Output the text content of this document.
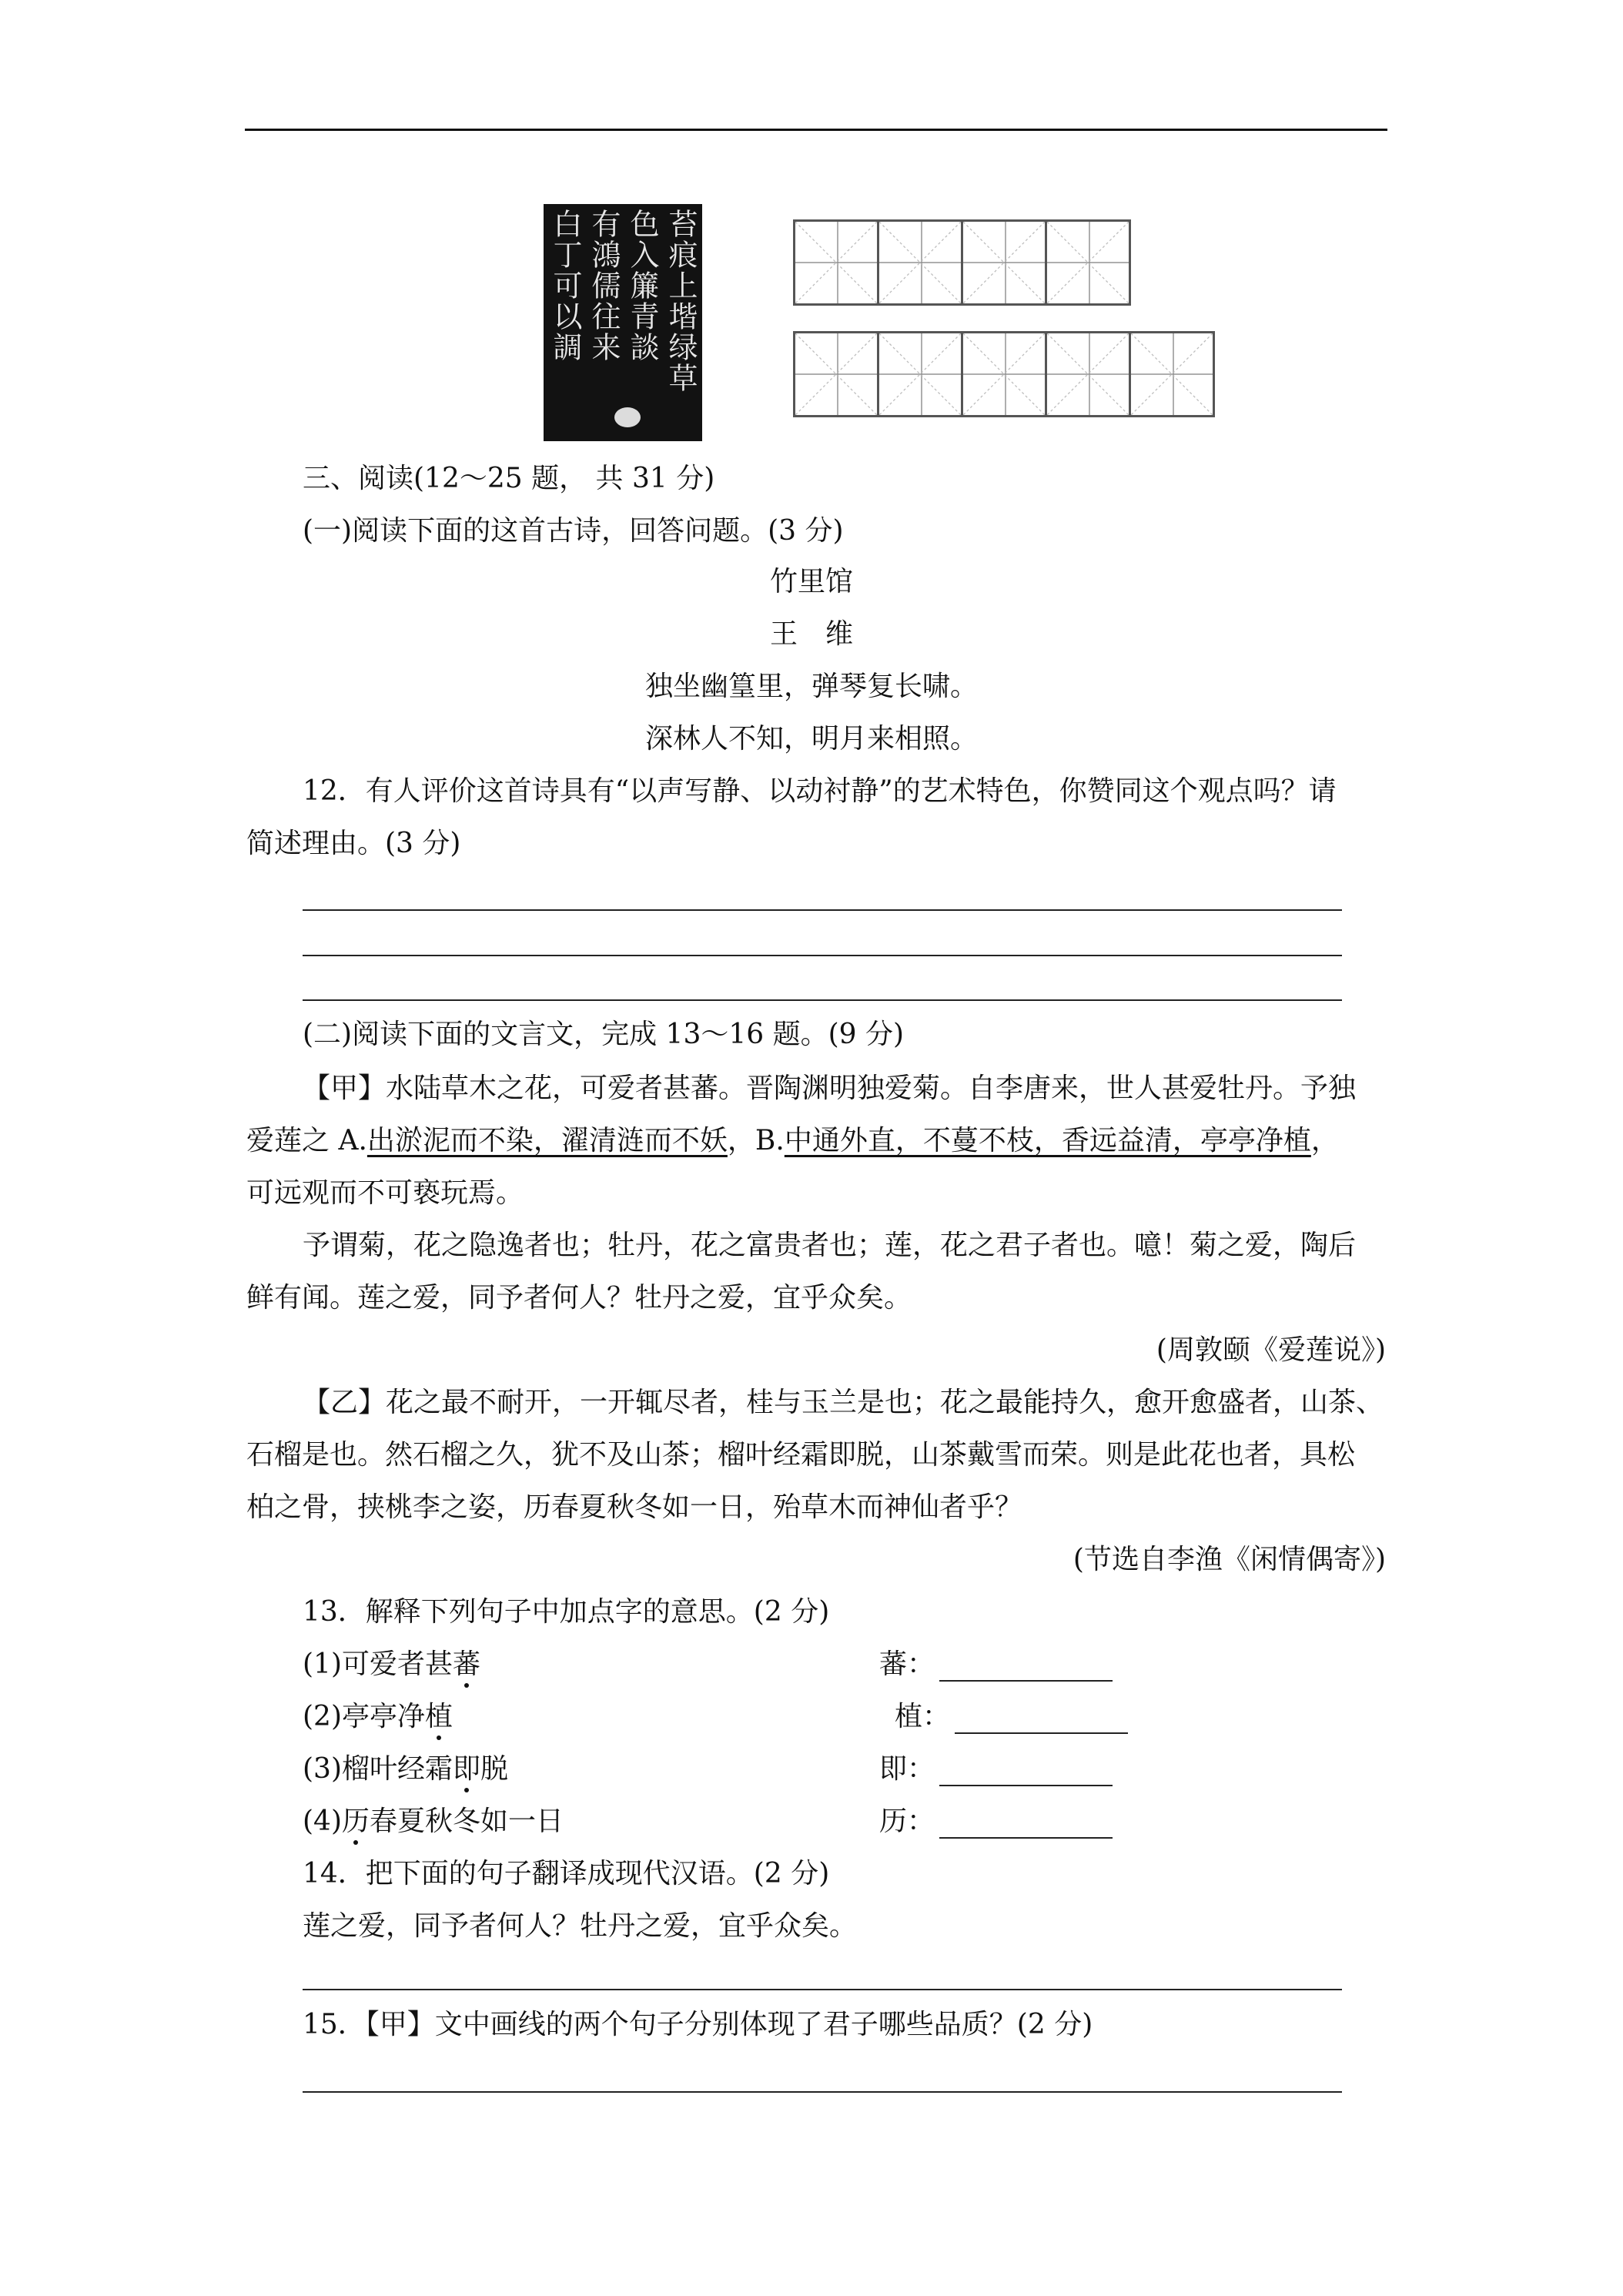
苔痕上堦绿草
色入簾青談
有鴻儒往来
白丁可以調
三、阅读(12～25 题， 共 31 分)
(一)阅读下面的这首古诗，回答问题。(3 分)
竹里馆
王　维
独坐幽篁里，弹琴复长啸。
深林人不知，明月来相照。
12．有人评价这首诗具有“以声写静、以动衬静”的艺术特色，你赞同这个观点吗？请
简述理由。(3 分)
(二)阅读下面的文言文，完成 13～16 题。(9 分)
【甲】水陆草木之花，可爱者甚蕃。晋陶渊明独爱菊。自李唐来，世人甚爱牡丹。予独
爱莲之 A.出淤泥而不染，濯清涟而不妖，B.中通外直，不蔓不枝，香远益清，亭亭净植，
可远观而不可亵玩焉。
予谓菊，花之隐逸者也；牡丹，花之富贵者也；莲，花之君子者也。噫！菊之爱，陶后
鲜有闻。莲之爱，同予者何人？牡丹之爱，宜乎众矣。
(周敦颐《爱莲说》)
【乙】花之最不耐开，一开辄尽者，桂与玉兰是也；花之最能持久，愈开愈盛者，山茶、
石榴是也。然石榴之久，犹不及山茶；榴叶经霜即脱，山茶戴雪而荣。则是此花也者，具松
柏之骨，挟桃李之姿，历春夏秋冬如一日，殆草木而神仙者乎？
(节选自李渔《闲情偶寄》)
13．解释下列句子中加点字的意思。(2 分)
(1)可爱者甚蕃	蕃：
(2)亭亭净植	植：
(3)榴叶经霜即脱	即：
(4)历春夏秋冬如一日	历：
14．把下面的句子翻译成现代汉语。(2 分)
莲之爱，同予者何人？牡丹之爱，宜乎众矣。
15．【甲】文中画线的两个句子分别体现了君子哪些品质？(2 分)
